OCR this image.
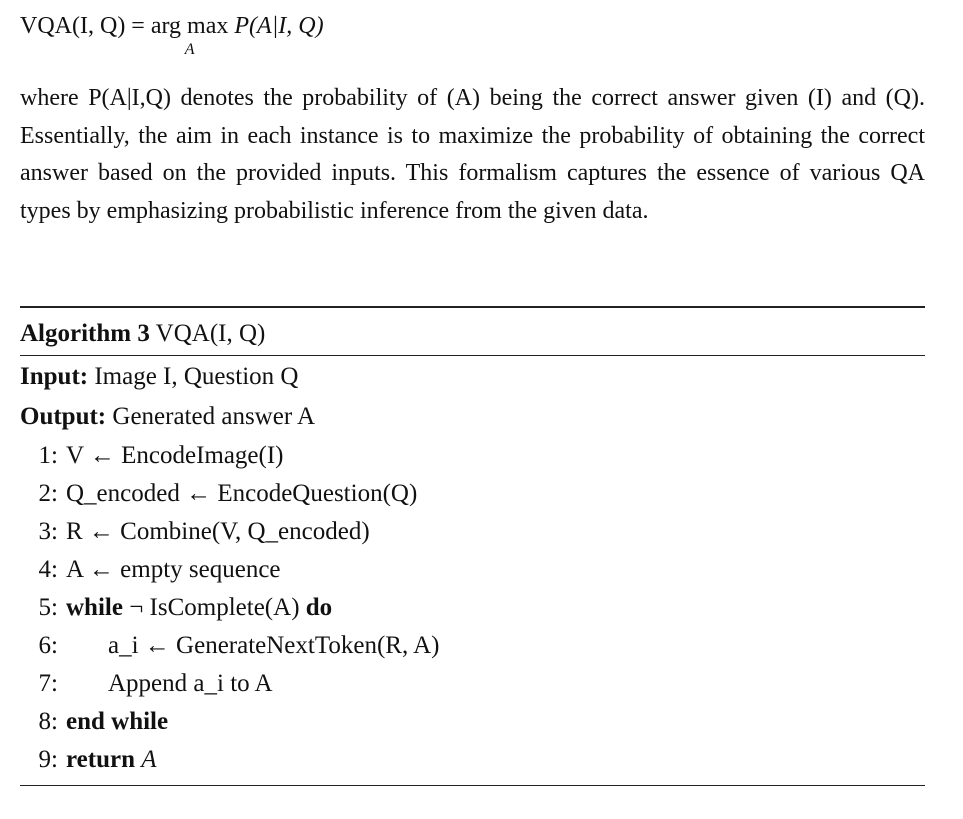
VQA(I, Q) = arg max
A
P(A|I, Q)

where P(A|I,Q) denotes the probability of (A) being the correct answer given (I) and (Q). Essentially, the aim in each instance is to maximize the probability of obtaining the correct answer based on the provided inputs. This formalism captures the essence of various QA types by emphasizing probabilistic inference from the given data.

Algorithm 3 VQA(I, Q)
Input: Image I, Question Q
Output: Generated answer A
1: V ← EncodeImage(I)
2: Q_encoded ← EncodeQuestion(Q)
3: R ← Combine(V, Q_encoded)
4: A ← empty sequence
5: while ¬ IsComplete(A) do
6: a_i ← GenerateNextToken(R, A)
7: Append a_i to A
8: end while
9: return A
